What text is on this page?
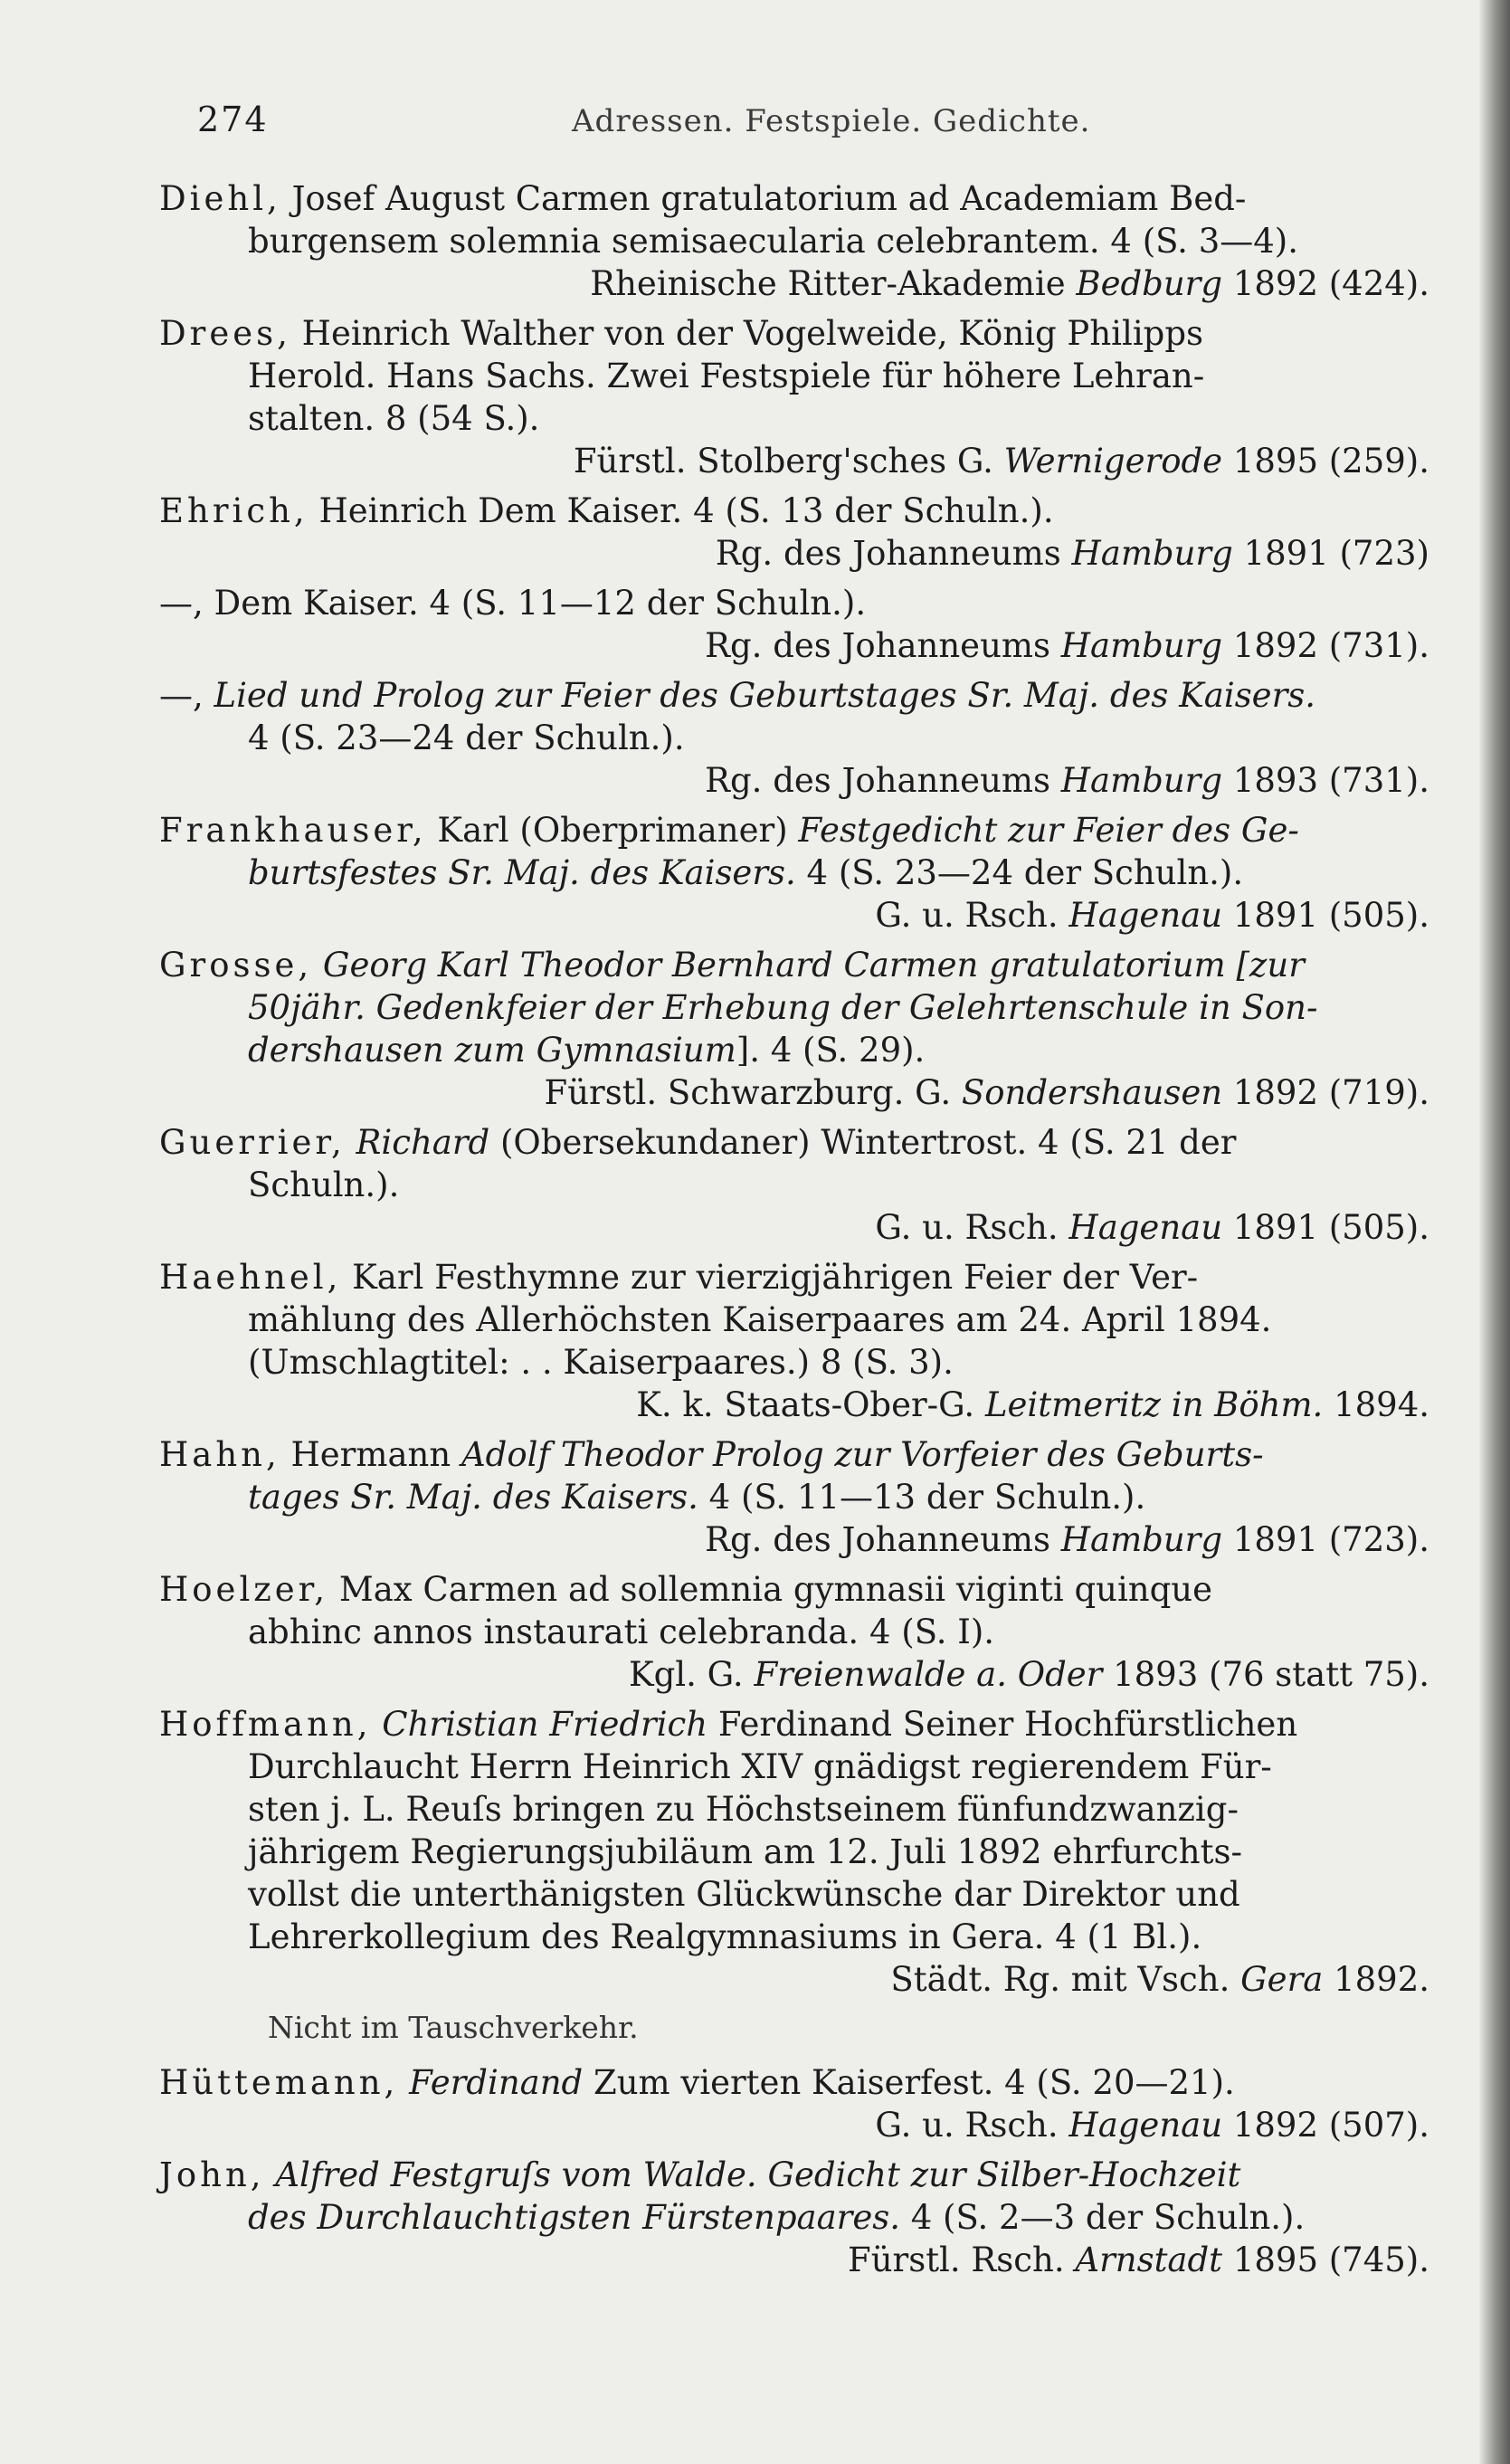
274	Adressen. Festspiele. Gedichte.

Diehl, Josef August Carmen gratulatorium ad Academiam Bed-

burgensem solemnia semisaecularia celebrantem. 4 (S. 3—4).

Rheinische Ritter-Akademie Bedburg 1892 (424).

Drees, Heinrich Walther von der Vogelweide, König Philipps

Herold. Hans Sachs. Zwei Festspiele für höhere Lehran-

stalten. 8 (54 S.).

Fürstl. Stolberg'sches G. Wernigerode 1895 (259).

Ehrich, Heinrich Dem Kaiser. 4 (S. 13 der Schuln.).

Rg. des Johanneums Hamburg 1891 (723)

—, Dem Kaiser. 4 (S. 11—12 der Schuln.).

Rg. des Johanneums Hamburg 1892 (731).

—, Lied und Prolog zur Feier des Geburtstages Sr. Maj. des Kaisers.

4 (S. 23—24 der Schuln.).

Rg. des Johanneums Hamburg 1893 (731).

Frankhauser, Karl (Oberprimaner) Festgedicht zur Feier des Ge-

burtsfestes Sr. Maj. des Kaisers. 4 (S. 23—24 der Schuln.).

G. u. Rsch. Hagenau 1891 (505).

Grosse, Georg Karl Theodor Bernhard Carmen gratulatorium [zur

50jähr. Gedenkfeier der Erhebung der Gelehrtenschule in Son-

dershausen zum Gymnasium]. 4 (S. 29).

Fürstl. Schwarzburg. G. Sondershausen 1892 (719).

Guerrier, Richard (Obersekundaner) Wintertrost. 4 (S. 21 der

Schuln.).

G. u. Rsch. Hagenau 1891 (505).

Haehnel, Karl Festhymne zur vierzigjährigen Feier der Ver-

mählung des Allerhöchsten Kaiserpaares am 24. April 1894.

(Umschlagtitel: . . Kaiserpaares.) 8 (S. 3).

K. k. Staats-Ober-G. Leitmeritz in Böhm. 1894.

Hahn, Hermann Adolf Theodor Prolog zur Vorfeier des Geburts-

tages Sr. Maj. des Kaisers. 4 (S. 11—13 der Schuln.).

Rg. des Johanneums Hamburg 1891 (723).

Hoelzer, Max Carmen ad sollemnia gymnasii viginti quinque

abhinc annos instaurati celebranda. 4 (S. I).

Kgl. G. Freienwalde a. Oder 1893 (76 statt 75).

Hoffmann, Christian Friedrich Ferdinand Seiner Hochfürstlichen

Durchlaucht Herrn Heinrich XIV gnädigst regierendem Für-

sten j. L. Reuſs bringen zu Höchstseinem fünfundzwanzig-

jährigem Regierungsjubiläum am 12. Juli 1892 ehrfurchts-

vollst die unterthänigsten Glückwünsche dar Direktor und

Lehrerkollegium des Realgymnasiums in Gera. 4 (1 Bl.).

Städt. Rg. mit Vsch. Gera 1892.

Nicht im Tauschverkehr.

Hüttemann, Ferdinand Zum vierten Kaiserfest. 4 (S. 20—21).

G. u. Rsch. Hagenau 1892 (507).

John, Alfred Festgruſs vom Walde. Gedicht zur Silber-Hochzeit

des Durchlauchtigsten Fürstenpaares. 4 (S. 2—3 der Schuln.).

Fürstl. Rsch. Arnstadt 1895 (745).
